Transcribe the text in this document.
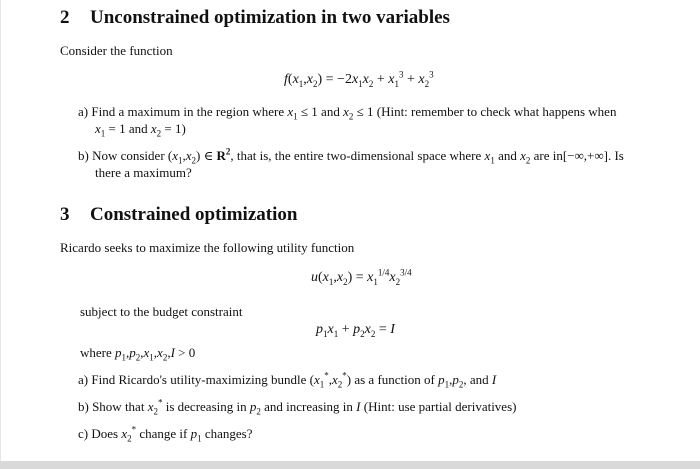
2 Unconstrained optimization in two variables
Consider the function
$f(x_1,x_2) = -2x_1x_2 + x_1^3 + x_2^3$
a) Find a maximum in the region where $x_1 \le 1$ and $x_2 \le 1$ (Hint: remember to check what happens when
$x_1 = 1$ and $x_2 = 1$)
b) Now consider $(x_1,x_2)$ ∈ $R^2$, that is, the entire two-dimensional space where $x_1$ and $x_2$ are in[−∞,+∞]. Is
there a maximum?
3 Constrained optimization
Ricardo seeks to maximize the following utility function
$u(x_1,x_2) = x_1^{1/4}x_2^{3/4}$
subject to the budget constraint
$p_1x_1 + p_2x_2 = I$
where $p_1,p_2,x_1,x_2,I > 0$
a) Find Ricardo's utility-maximizing bundle $(x_1^*,x_2^*)$ as a function of $p_1,p_2$, and I
b) Show that $x_2^*$ is decreasing in $p_2$ and increasing in I (Hint: use partial derivatives)
c) Does $x_2^*$ change if $p_1$ changes?
